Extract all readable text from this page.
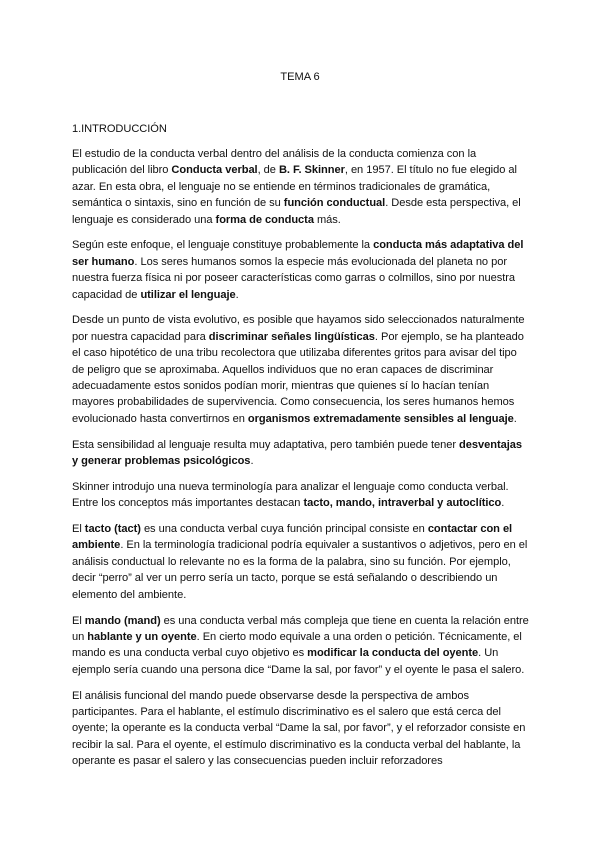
TEMA 6
1.INTRODUCCIÓN

El estudio de la conducta verbal dentro del análisis de la conducta comienza con la publicación del libro Conducta verbal, de B. F. Skinner, en 1957. El título no fue elegido al azar. En esta obra, el lenguaje no se entiende en términos tradicionales de gramática, semántica o sintaxis, sino en función de su función conductual. Desde esta perspectiva, el lenguaje es considerado una forma de conducta más.

Según este enfoque, el lenguaje constituye probablemente la conducta más adaptativa del ser humano. Los seres humanos somos la especie más evolucionada del planeta no por nuestra fuerza física ni por poseer características como garras o colmillos, sino por nuestra capacidad de utilizar el lenguaje.

Desde un punto de vista evolutivo, es posible que hayamos sido seleccionados naturalmente por nuestra capacidad para discriminar señales lingüísticas. Por ejemplo, se ha planteado el caso hipotético de una tribu recolectora que utilizaba diferentes gritos para avisar del tipo de peligro que se aproximaba. Aquellos individuos que no eran capaces de discriminar adecuadamente estos sonidos podían morir, mientras que quienes sí lo hacían tenían mayores probabilidades de supervivencia. Como consecuencia, los seres humanos hemos evolucionado hasta convertirnos en organismos extremadamente sensibles al lenguaje.

Esta sensibilidad al lenguaje resulta muy adaptativa, pero también puede tener desventajas y generar problemas psicológicos.

Skinner introdujo una nueva terminología para analizar el lenguaje como conducta verbal. Entre los conceptos más importantes destacan tacto, mando, intraverbal y autoclítico.

El tacto (tact) es una conducta verbal cuya función principal consiste en contactar con el ambiente. En la terminología tradicional podría equivaler a sustantivos o adjetivos, pero en el análisis conductual lo relevante no es la forma de la palabra, sino su función. Por ejemplo, decir “perro” al ver un perro sería un tacto, porque se está señalando o describiendo un elemento del ambiente.

El mando (mand) es una conducta verbal más compleja que tiene en cuenta la relación entre un hablante y un oyente. En cierto modo equivale a una orden o petición. Técnicamente, el mando es una conducta verbal cuyo objetivo es modificar la conducta del oyente. Un ejemplo sería cuando una persona dice “Dame la sal, por favor” y el oyente le pasa el salero.

El análisis funcional del mando puede observarse desde la perspectiva de ambos participantes. Para el hablante, el estímulo discriminativo es el salero que está cerca del oyente; la operante es la conducta verbal “Dame la sal, por favor”, y el reforzador consiste en recibir la sal. Para el oyente, el estímulo discriminativo es la conducta verbal del hablante, la operante es pasar el salero y las consecuencias pueden incluir reforzadores
